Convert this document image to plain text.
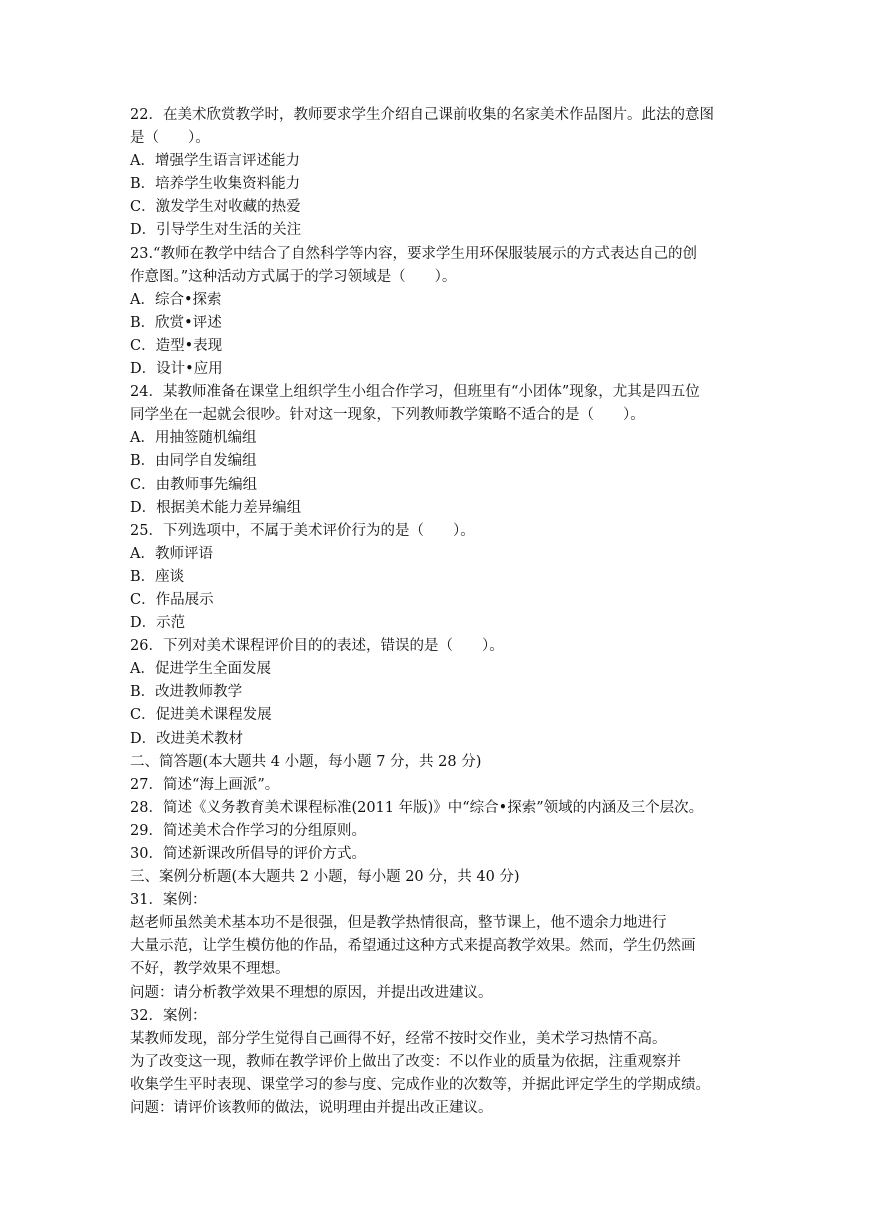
22．在美术欣赏教学时，教师要求学生介绍自己课前收集的名家美术作品图片。此法的意图
是（　　）。
A．增强学生语言评述能力
B．培养学生收集资料能力
C．激发学生对收藏的热爱
D．引导学生对生活的关注
23.“教师在教学中结合了自然科学等内容，要求学生用环保服装展示的方式表达自己的创
作意图。”这种活动方式属于的学习领域是（　　）。
A．综合•探索
B．欣赏•评述
C．造型•表现
D．设计•应用
24．某教师准备在课堂上组织学生小组合作学习，但班里有“小团体”现象，尤其是四五位
同学坐在一起就会很吵。针对这一现象，下列教师教学策略不适合的是（　　）。
A．用抽签随机编组
B．由同学自发编组
C．由教师事先编组
D．根据美术能力差异编组
25．下列选项中，不属于美术评价行为的是（　　）。
A．教师评语
B．座谈
C．作品展示
D．示范
26．下列对美术课程评价目的的表述，错误的是（　　）。
A．促进学生全面发展
B．改进教师教学
C．促进美术课程发展
D．改进美术教材
二、简答题(本大题共 4 小题，每小题 7 分，共 28 分)
27．简述“海上画派”。
28．简述《义务教育美术课程标准(2011 年版)》中“综合•探索”领域的内涵及三个层次。
29．简述美术合作学习的分组原则。
30．简述新课改所倡导的评价方式。
三、案例分析题(本大题共 2 小题，每小题 20 分，共 40 分)
31．案例：
赵老师虽然美术基本功不是很强，但是教学热情很高，整节课上，他不遗余力地进行
大量示范，让学生模仿他的作品，希望通过这种方式来提高教学效果。然而，学生仍然画
不好，教学效果不理想。
问题：请分析教学效果不理想的原因，并提出改进建议。
32．案例：
某教师发现，部分学生觉得自己画得不好，经常不按时交作业，美术学习热情不高。
为了改变这一现，教师在教学评价上做出了改变：不以作业的质量为依据，注重观察并
收集学生平时表现、课堂学习的参与度、完成作业的次数等，并据此评定学生的学期成绩。
问题：请评价该教师的做法，说明理由并提出改正建议。
